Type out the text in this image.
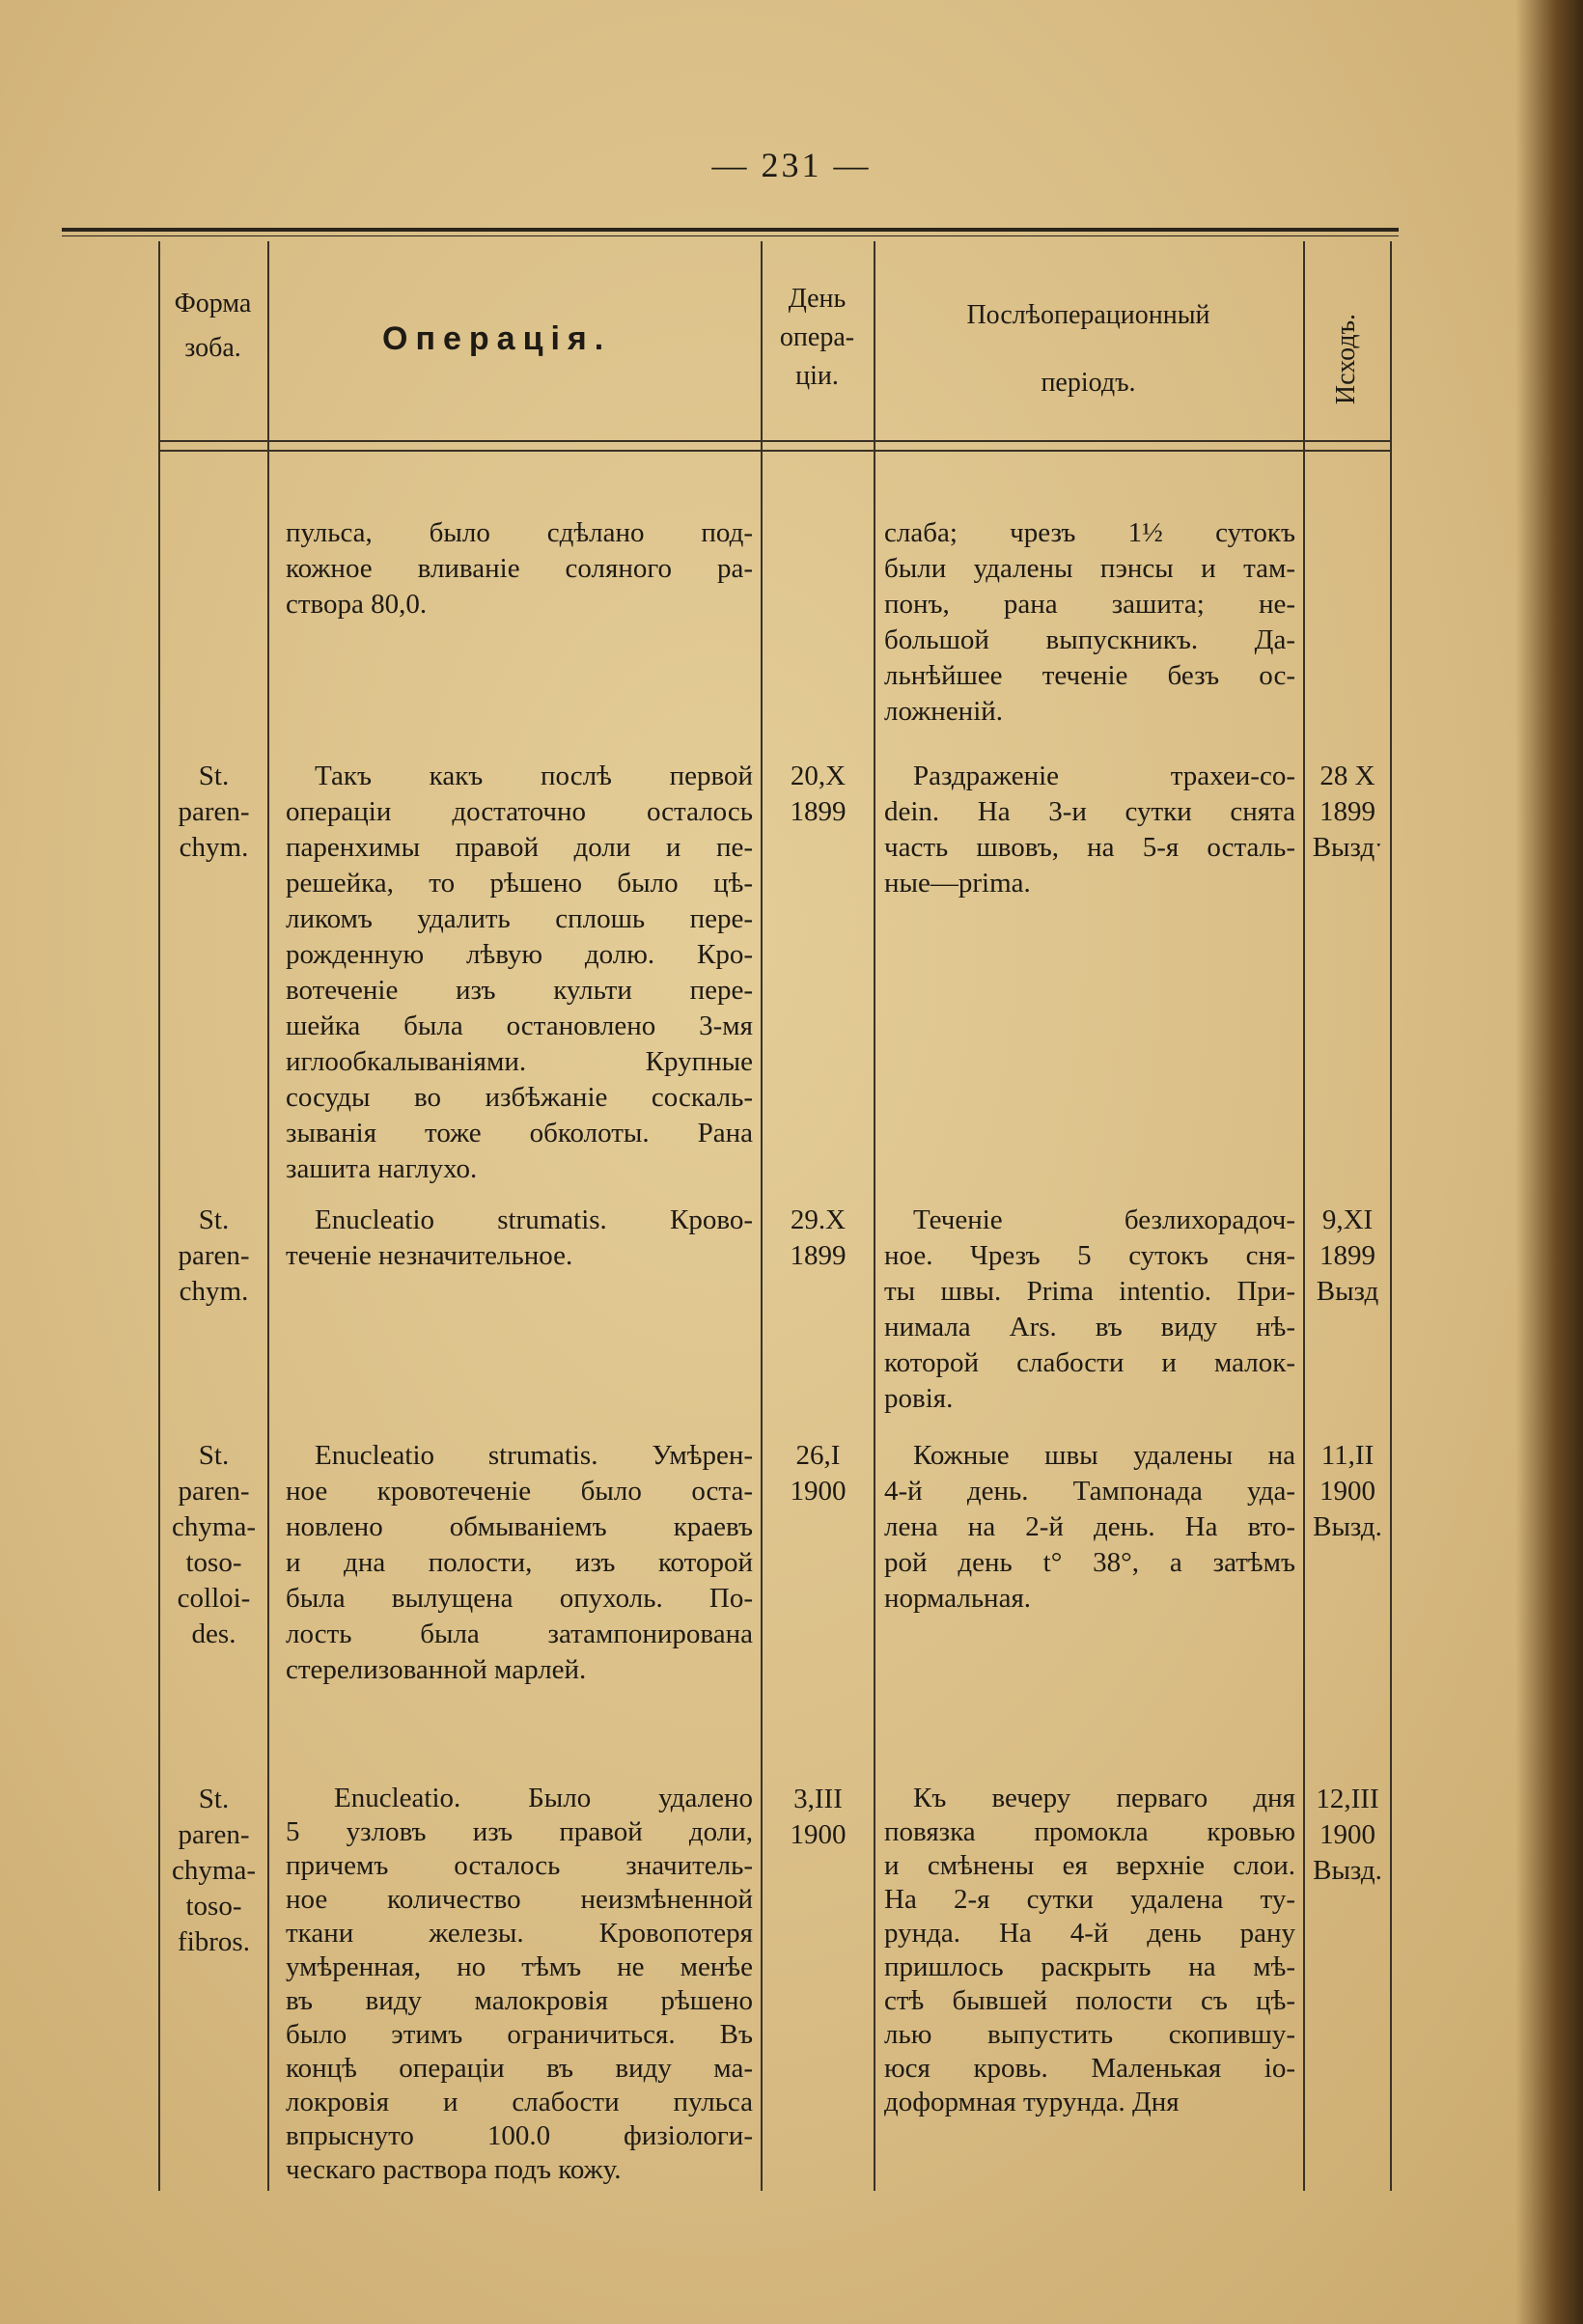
— 231 —
Форма
зоба.	Операція.
День
опера-
ціи.
Послѣоперационный
періодъ.	Исходъ.
пульса, было сдѣлано под-
кожное вливаніе соляного ра-
створа 80,0.
слаба; чрезъ 1½ сутокъ
были удалены пэнсы и там-
понъ, рана зашита; не-
большой выпускникъ. Да-
льнѣйшее теченіе безъ ос-
ложненій.
St.
paren-
chym.
Такъ какъ послѣ первой
операціи достаточно осталось
паренхимы правой доли и пе-
решейка, то рѣшено было цѣ-
ликомъ удалить сплошь пере-
рожденную лѣвую долю. Кро-
вотеченіе изъ культи пере-
шейка была остановлено 3-мя
иглообкалываніями. Крупные
сосуды во избѣжаніе соскаль-
зыванія тоже обколоты. Рана
зашита наглухо.
20,X
1899
Раздраженіе трахеи-co-
dein. На 3-и сутки снята
часть швовъ, на 5-я осталь-
ные—prima.
28 X
1899
Выздˑ
St.
paren-
chym.
Enucleatio strumatis. Крово-
теченіе незначительное.
29.X
1899
Теченіе безлихорадоч-
ное. Чрезъ 5 сутокъ сня-
ты швы. Prima intentio. При-
нимала Ars. въ виду нѣ-
которой слабости и малок-
ровія.
9,XI
1899
Вызд
St.
paren-
chyma-
toso-
colloi-
des.
Enucleatio strumatis. Умѣрен-
ное кровотеченіе было оста-
новлено обмываніемъ краевъ
и дна полости, изъ которой
была вылущена опухоль. По-
лость была затампонирована
стерелизованной марлей.
26,I
1900
Кожные швы удалены на
4-й день. Тампонада уда-
лена на 2-й день. На вто-
рой день t° 38°, а затѣмъ
нормальная.
11,II
1900
Вызд.
St.
paren-
chyma-
toso-
fibros.
Enucleatio. Было удалено
5 узловъ изъ правой доли,
причемъ осталось значитель-
ное количество неизмѣненной
ткани железы. Кровопотеря
умѣренная, но тѣмъ не менѣе
въ виду малокровія рѣшено
было этимъ ограничиться. Въ
концѣ операціи въ виду ма-
локровія и слабости пульса
впрыснуто 100.0 физіологи-
ческаго раствора подъ кожу.
3,III
1900
Къ вечеру перваго дня
повязка промокла кровью
и смѣнены ея верхніе слои.
На 2-я сутки удалена ту-
рунда. На 4-й день рану
пришлось раскрыть на мѣ-
стѣ бывшей полости съ цѣ-
лью выпустить скопившу-
юся кровь. Маленькая іо-
доформная турунда. Дня
12,III
1900
Вызд.
